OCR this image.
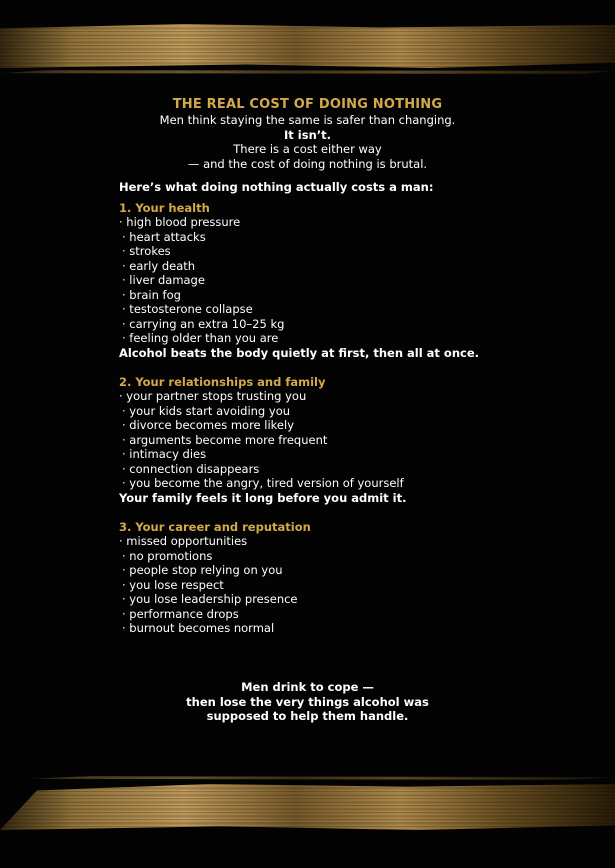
THE REAL COST OF DOING NOTHING
Men think staying the same is safer than changing.
It isn’t.
There is a cost either way
— and the cost of doing nothing is brutal.
Here’s what doing nothing actually costs a man:
1. Your health
· high blood pressure
· heart attacks
· strokes
· early death
· liver damage
· brain fog
· testosterone collapse
· carrying an extra 10–25 kg
· feeling older than you are
Alcohol beats the body quietly at first, then all at once.
2. Your relationships and family
· your partner stops trusting you
· your kids start avoiding you
· divorce becomes more likely
· arguments become more frequent
· intimacy dies
· connection disappears
· you become the angry, tired version of yourself
Your family feels it long before you admit it.
3. Your career and reputation
· missed opportunities
· no promotions
· people stop relying on you
· you lose respect
· you lose leadership presence
· performance drops
· burnout becomes normal
Men drink to cope —
then lose the very things alcohol was
supposed to help them handle.
